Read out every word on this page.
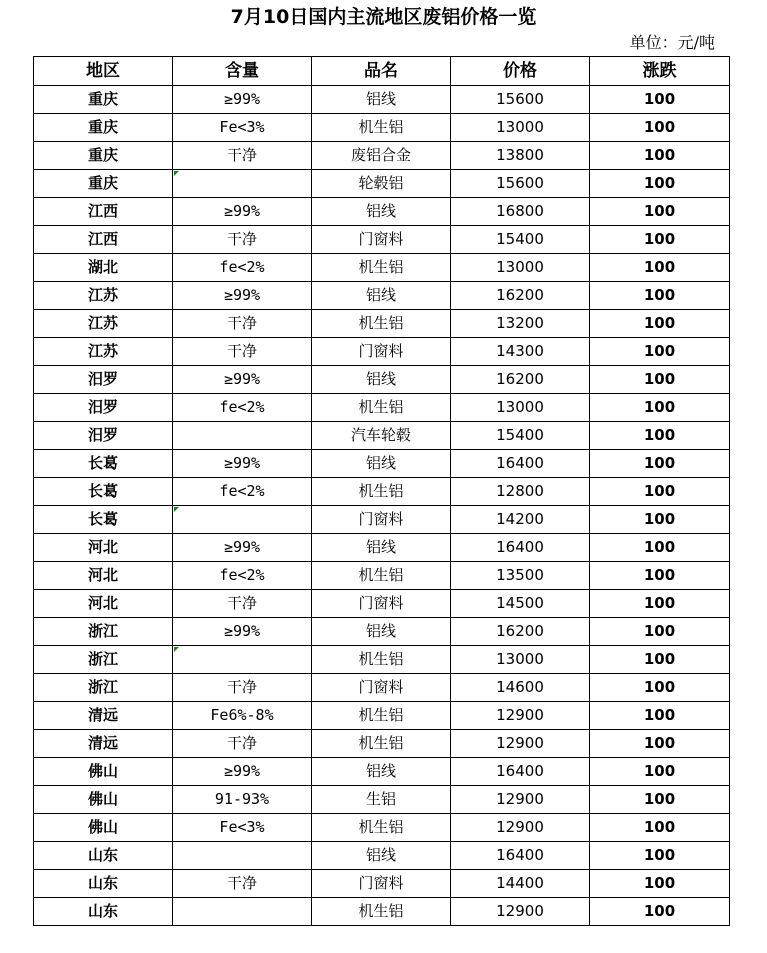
7月10日国内主流地区废铝价格一览
单位：元/吨
地区	含量	品名	价格	涨跌
重庆	≥99%	铝线	15600	100
重庆	Fe<3%	机生铝	13000	100
重庆	干净	废铝合金	13800	100
重庆		轮毂铝	15600	100
江西	≥99%	铝线	16800	100
江西	干净	门窗料	15400	100
湖北	fe<2%	机生铝	13000	100
江苏	≥99%	铝线	16200	100
江苏	干净	机生铝	13200	100
江苏	干净	门窗料	14300	100
汨罗	≥99%	铝线	16200	100
汨罗	fe<2%	机生铝	13000	100
汨罗		汽车轮毂	15400	100
长葛	≥99%	铝线	16400	100
长葛	fe<2%	机生铝	12800	100
长葛		门窗料	14200	100
河北	≥99%	铝线	16400	100
河北	fe<2%	机生铝	13500	100
河北	干净	门窗料	14500	100
浙江	≥99%	铝线	16200	100
浙江		机生铝	13000	100
浙江	干净	门窗料	14600	100
清远	Fe6%-8%	机生铝	12900	100
清远	干净	机生铝	12900	100
佛山	≥99%	铝线	16400	100
佛山	91-93%	生铝	12900	100
佛山	Fe<3%	机生铝	12900	100
山东		铝线	16400	100
山东	干净	门窗料	14400	100
山东		机生铝	12900	100
